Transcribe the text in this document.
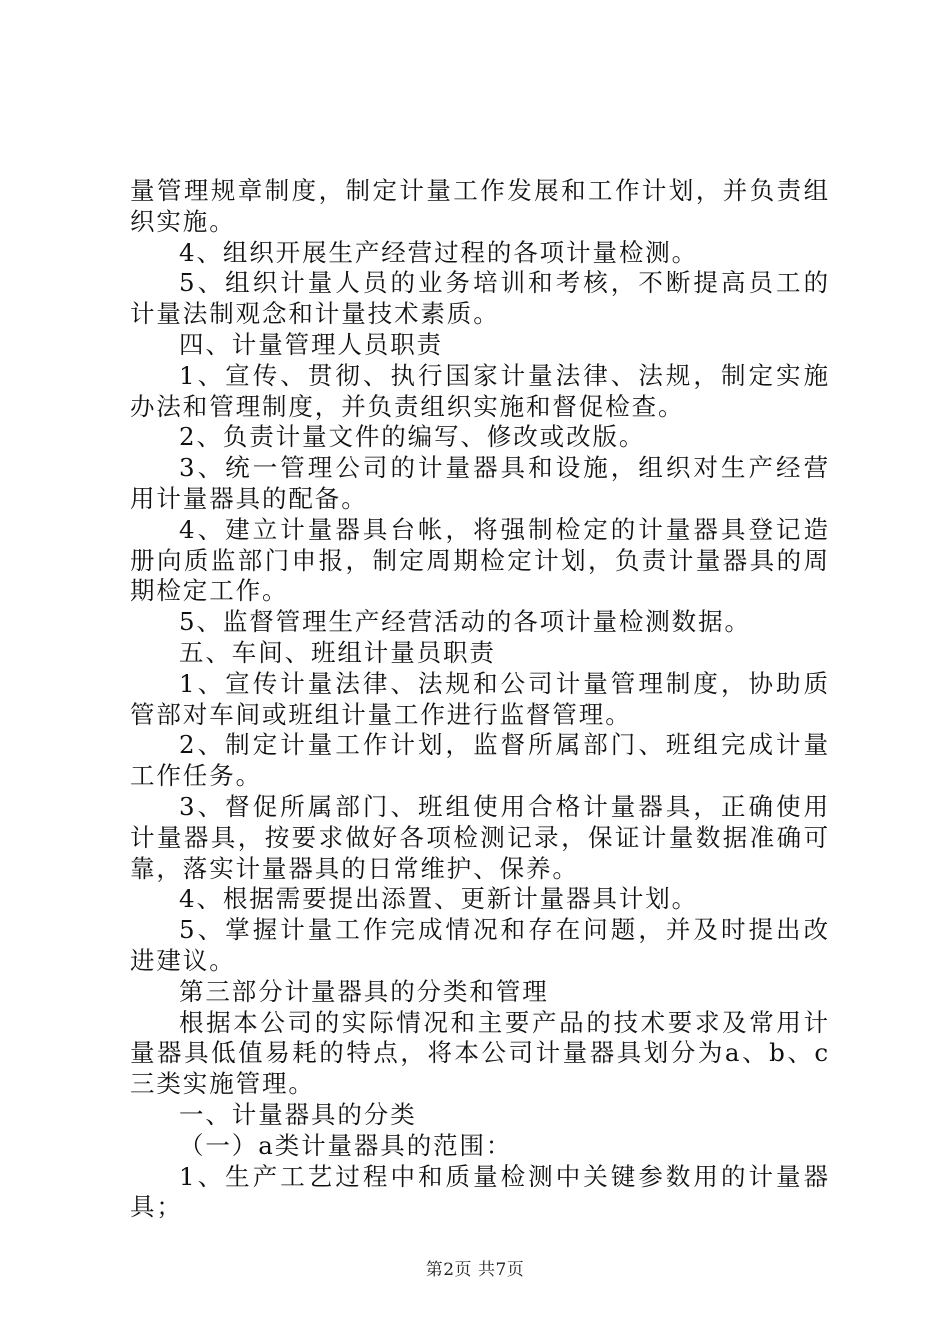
量管理规章制度，制定计量工作发展和工作计划，并负责组织实施。

4、组织开展生产经营过程的各项计量检测。

5、组织计量人员的业务培训和考核，不断提高员工的计量法制观念和计量技术素质。

四、计量管理人员职责

1、宣传、贯彻、执行国家计量法律、法规，制定实施办法和管理制度，并负责组织实施和督促检查。

2、负责计量文件的编写、修改或改版。

3、统一管理公司的计量器具和设施，组织对生产经营用计量器具的配备。

4、建立计量器具台帐，将强制检定的计量器具登记造册向质监部门申报，制定周期检定计划，负责计量器具的周期检定工作。

5、监督管理生产经营活动的各项计量检测数据。

五、车间、班组计量员职责

1、宣传计量法律、法规和公司计量管理制度，协助质管部对车间或班组计量工作进行监督管理。

2、制定计量工作计划，监督所属部门、班组完成计量工作任务。

3、督促所属部门、班组使用合格计量器具，正确使用计量器具，按要求做好各项检测记录，保证计量数据准确可靠，落实计量器具的日常维护、保养。

4、根据需要提出添置、更新计量器具计划。

5、掌握计量工作完成情况和存在问题，并及时提出改进建议。

第三部分计量器具的分类和管理

根据本公司的实际情况和主要产品的技术要求及常用计量器具低值易耗的特点，将本公司计量器具划分为a、b、c三类实施管理。

一、计量器具的分类

（一）a类计量器具的范围：

1、生产工艺过程中和质量检测中关键参数用的计量器具；

第2页 共7页
